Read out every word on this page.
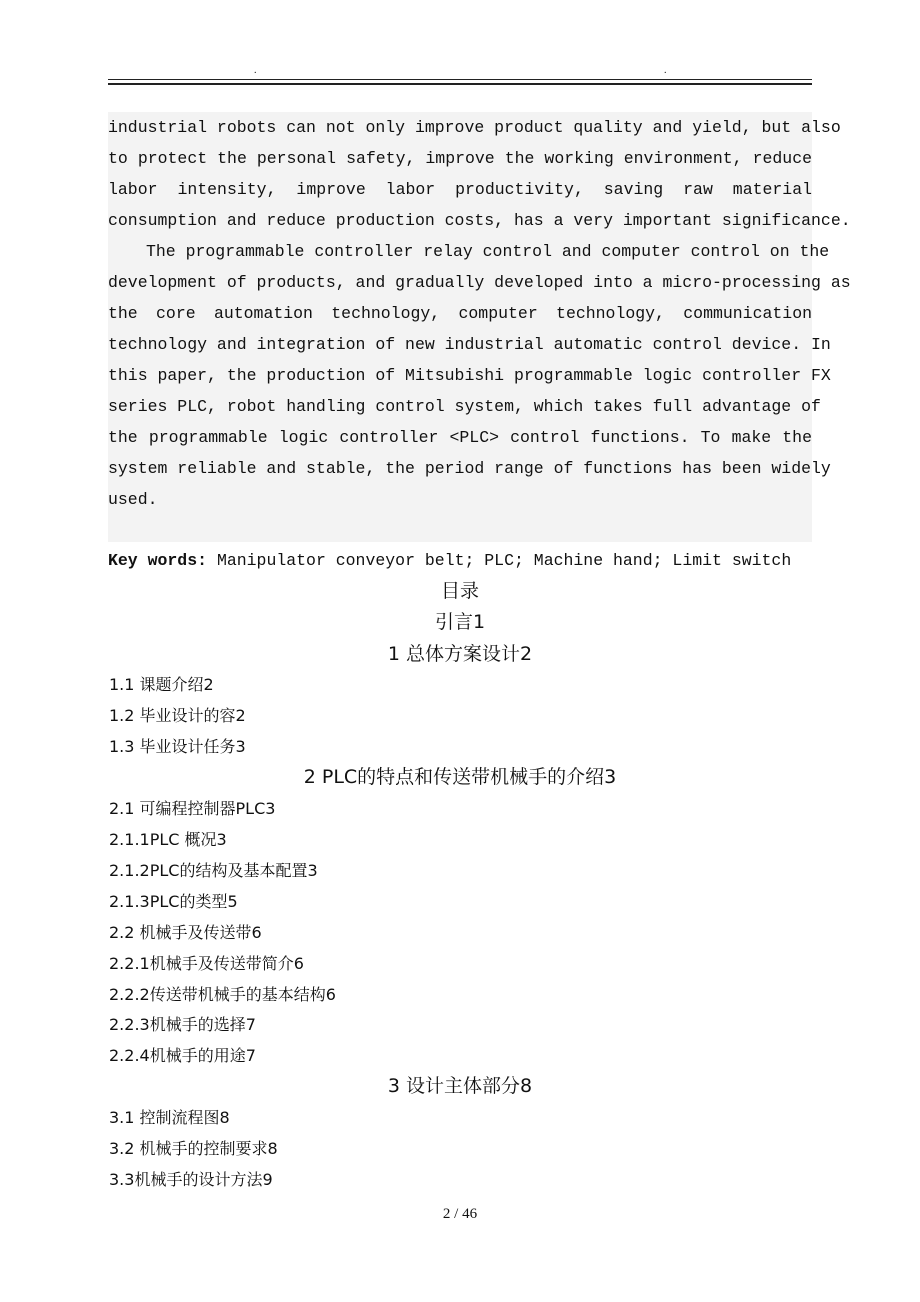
.	.
industrial robots can not only improve product quality and yield, but also
to protect the personal safety, improve the working environment, reduce
labor intensity, improve labor productivity, saving raw material
consumption and reduce production costs, has a very important significance.
The programmable controller relay control and computer control on the
development of products, and gradually developed into a micro-processing as
the core automation technology, computer technology, communication
technology and integration of new industrial automatic control device. In
this paper, the production of Mitsubishi programmable logic controller FX
series PLC, robot handling control system, which takes full advantage of
the programmable logic controller <PLC> control functions. To make the
system reliable and stable, the period range of functions has been widely
used.
Key words: Manipulator conveyor belt; PLC; Machine hand; Limit switch
目录
引言1
1 总体方案设计2
1.1 课题介绍2
1.2 毕业设计的容2
1.3 毕业设计任务3
2 PLC的特点和传送带机械手的介绍3
2.1 可编程控制器PLC3
2.1.1PLC 概况3
2.1.2PLC的结构及基本配置3
2.1.3PLC的类型5
2.2 机械手及传送带6
2.2.1机械手及传送带简介6
2.2.2传送带机械手的基本结构6
2.2.3机械手的选择7
2.2.4机械手的用途7
3 设计主体部分8
3.1 控制流程图8
3.2 机械手的控制要求8
3.3机械手的设计方法9
2 / 46
